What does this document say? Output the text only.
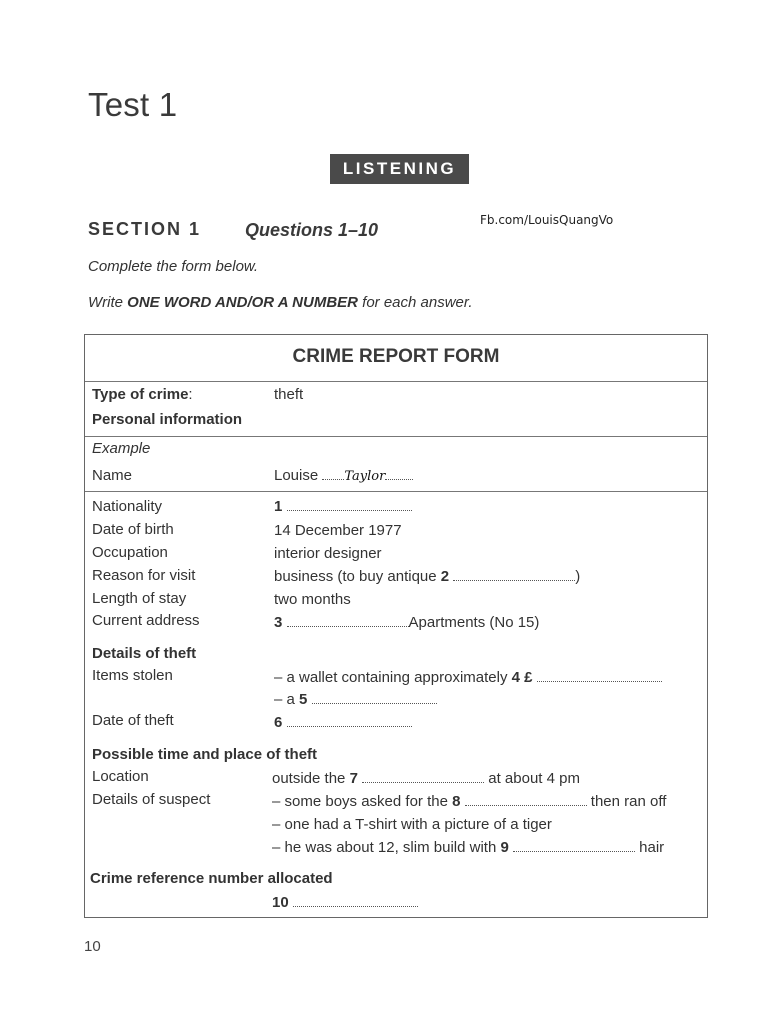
Test 1
LISTENING
SECTION 1 Questions 1–10	Fb.com/LouisQuangVo
Complete the form below.
Write ONE WORD AND/OR A NUMBER for each answer.
CRIME REPORT FORM
Type of crime:	theft
Personal information
Example
Name	Louise Taylor
Nationality	1
Date of birth	14 December 1977
Occupation	interior designer
Reason for visit	business (to buy antique 2	)
Length of stay	two months
Current address	3	Apartments (No 15)
Details of theft
Items stolen	– a wallet containing approximately 4 £
– a 5
Date of theft	6
Possible time and place of theft
Location	outside the 7	at about 4 pm
Details of suspect	– some boys asked for the 8	then ran off
– one had a T-shirt with a picture of a tiger
– he was about 12, slim build with 9	hair
Crime reference number allocated
10
10
